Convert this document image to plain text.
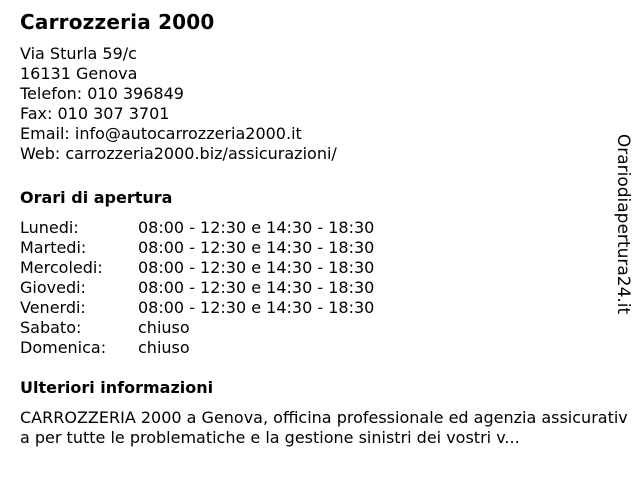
Carrozzeria 2000
Via Sturla 59/c
16131 Genova
Telefon: 010 396849
Fax: 010 307 3701
Email: info@autocarrozzeria2000.it
Web: carrozzeria2000.biz/assicurazioni/
Orari di apertura
Lunedi:	08:00 - 12:30 e 14:30 - 18:30
Martedi:	08:00 - 12:30 e 14:30 - 18:30
Mercoledi: 08:00 - 12:30 e 14:30 - 18:30
Giovedi:	08:00 - 12:30 e 14:30 - 18:30
Venerdi:	08:00 - 12:30 e 14:30 - 18:30
Sabato:	chiuso
Domenica: chiuso
Ulteriori informazioni
CARROZZERIA 2000 a Genova, officina professionale ed agenzia assicurativa per tutte le problematiche e la gestione sinistri dei vostri v...
Orariodiapertura24.it
